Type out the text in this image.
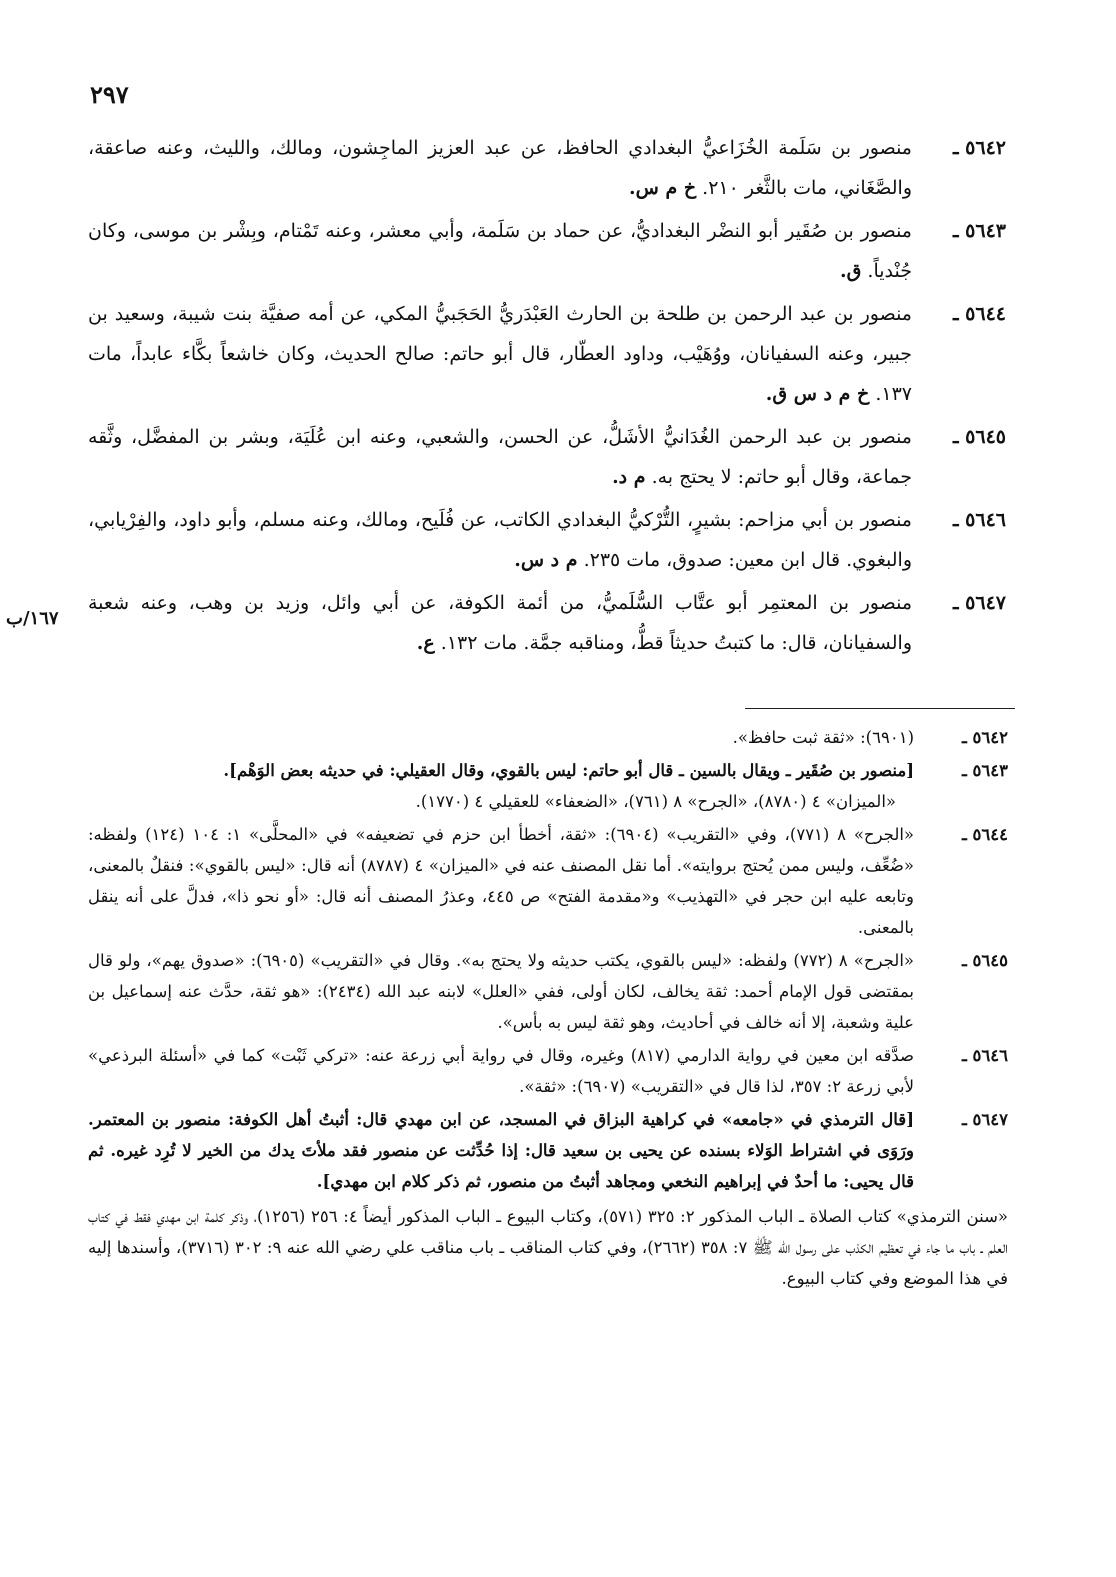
٢٩٧
٥٦٤٢ ـ
منصور بن سَلَمة الخُزَاعيُّ البغدادي الحافظ، عن عبد العزيز الماجِشون، ومالك، والليث، وعنه صاعقة، والصَّغَاني، مات بالثَّغر ٢١٠. خ م س.
٥٦٤٣ ـ
منصور بن صُقَير أبو النضْر البغداديُّ، عن حماد بن سَلَمة، وأبي معشر، وعنه تَمْتام، وبِشْر بن موسى، وكان جُنْدياً. ق.
٥٦٤٤ ـ
منصور بن عبد الرحمن بن طلحة بن الحارث العَبْدَريُّ الحَجَبيُّ المكي، عن أمه صفيَّة بنت شيبة، وسعيد بن جبير، وعنه السفيانان، ووُهَيْب، وداود العطّار، قال أبو حاتم: صالح الحديث، وكان خاشعاً بكَّاء عابداً، مات ١٣٧. خ م د س ق.
٥٦٤٥ ـ
منصور بن عبد الرحمن الغُدَانيُّ الأشَلُّ، عن الحسن، والشعبي، وعنه ابن عُلَيَة، وبشر بن المفضَّل، وثَّقه جماعة، وقال أبو حاتم: لا يحتج به. م د.
٥٦٤٦ ـ
منصور بن أبي مزاحم: بشيرٍ، التُّرْكيُّ البغدادي الكاتب، عن فُلَيح، ومالك، وعنه مسلم، وأبو داود، والفِرْيابي، والبغوي. قال ابن معين: صدوق، مات ٢٣٥. م د س.
٥٦٤٧ ـ
منصور بن المعتمِر أبو عتَّاب السُّلَميُّ، من أئمة الكوفة، عن أبي وائل، وزيد بن وهب، وعنه شعبة والسفيانان، قال: ما كتبتُ حديثاً قطُّ، ومناقبه جمَّة. مات ١٣٢. ع.
١٦٧/ب
٥٦٤٢ ـ
(٦٩٠١): «ثقة ثبت حافظ».
٥٦٤٣ ـ
[منصور بن صُقَير ـ ويقال بالسين ـ قال أبو حاتم: ليس بالقوي، وقال العقيلي: في حديثه بعض الوَهْم].
«الميزان» ٤ (٨٧٨٠)، «الجرح» ٨ (٧٦١)، «الضعفاء» للعقيلي ٤ (١٧٧٠).
٥٦٤٤ ـ
«الجرح» ٨ (٧٧١)، وفي «التقريب» (٦٩٠٤): «ثقة، أخطأ ابن حزم في تضعيفه» في «المحلَّى» ١: ١٠٤ (١٢٤) ولفظه: «ضُعِّف، وليس ممن يُحتج بروايته». أما نقل المصنف عنه في «الميزان» ٤ (٨٧٨٧) أنه قال: «ليس بالقوي»: فنقلٌ بالمعنى، وتابعه عليه ابن حجر في «التهذيب» و«مقدمة الفتح» ص ٤٤٥، وعذرُ المصنف أنه قال: «أو نحو ذا»، فدلَّ على أنه ينقل بالمعنى.
٥٦٤٥ ـ
«الجرح» ٨ (٧٧٢) ولفظه: «ليس بالقوي، يكتب حديثه ولا يحتج به». وقال في «التقريب» (٦٩٠٥): «صدوق يهم»، ولو قال بمقتضى قول الإمام أحمد: ثقة يخالف، لكان أولى، ففي «العلل» لابنه عبد الله (٢٤٣٤): «هو ثقة، حدَّث عنه إسماعيل بن علية وشعبة، إلا أنه خالف في أحاديث، وهو ثقة ليس به بأس».
٥٦٤٦ ـ
صدَّقه ابن معين في رواية الدارمي (٨١٧) وغيره، وقال في رواية أبي زرعة عنه: «تركي ثَبْت» كما في «أسئلة البرذعي» لأبي زرعة ٢: ٣٥٧، لذا قال في «التقريب» (٦٩٠٧): «ثقة».
٥٦٤٧ ـ
[قال الترمذي في «جامعه» في كراهية البزاق في المسجد، عن ابن مهدي قال: أثبتُ أهل الكوفة: منصور بن المعتمر. ورَوَى في اشتراط الوَلاء بسنده عن يحيى بن سعيد قال: إذا حُدِّثت عن منصور فقد ملأتَ يدك من الخير لا تُرِد غيره. ثم قال يحيى: ما أحدٌ في إبراهيم النخعي ومجاهد أثبتُ من منصور، ثم ذكر كلام ابن مهدي].
«سنن الترمذي» كتاب الصلاة ـ الباب المذكور ٢: ٣٢٥ (٥٧١)، وكتاب البيوع ـ الباب المذكور أيضاً ٤: ٢٥٦ (١٢٥٦)، وذكر كلمة ابن مهدي فقط في كتاب العلم ـ باب ما جاء في تعظيم الكذب على رسول الله ﷺ ٧: ٣٥٨ (٢٦٦٢)، وفي كتاب المناقب ـ باب مناقب علي رضي الله عنه ٩: ٣٠٢ (٣٧١٦)، وأسندها إليه في هذا الموضع وفي كتاب البيوع.
